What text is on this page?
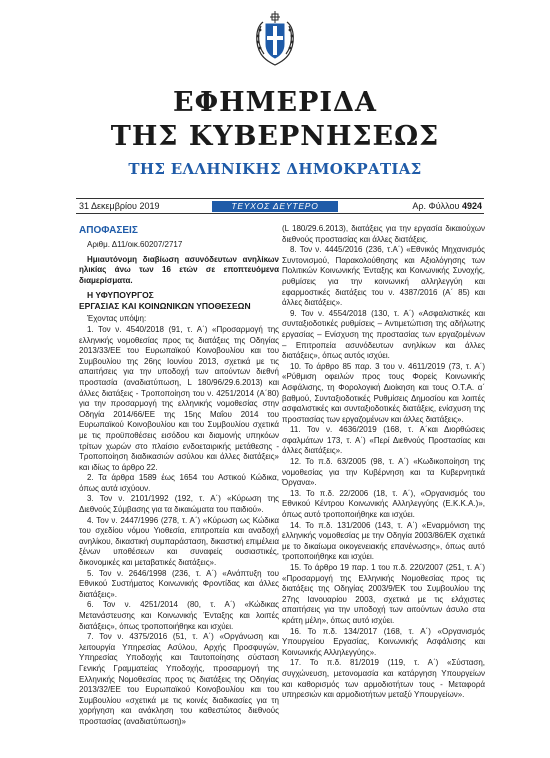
ΕΦΗΜΕΡΙΔΑ
ΤΗΣ ΚΥΒΕΡΝΗΣΕΩΣ
ΤΗΣ ΕΛΛΗΝΙΚΗΣ ΔΗΜΟΚΡΑΤΙΑΣ
31 Δεκεμβρίου 2019	ΤΕΥΧΟΣ ΔΕΥΤΕΡΟ	Αρ. Φύλλου 4924
ΑΠΟΦΑΣΕΙΣ

Αριθμ. Δ11/οικ.60207/2717

Ημιαυτόνομη διαβίωση ασυνόδευτων ανηλίκων ηλικίας άνω των 16 ετών σε εποπτευόμενα διαμερίσματα.

Η ΥΦΥΠΟΥΡΓΟΣ

ΕΡΓΑΣΙΑΣ ΚΑΙ ΚΟΙΝΩΝΙΚΩΝ ΥΠΟΘΕΣΕΩΝ

Έχοντας υπόψη:

1. Τον ν. 4540/2018 (91, τ. Α΄) «Προσαρμογή της ελληνικής νομοθεσίας προς τις διατάξεις της Οδηγίας 2013/33/ΕΕ του Ευρωπαϊκού Κοινοβουλίου και του Συμβουλίου της 26ης Ιουνίου 2013, σχετικά με τις απαιτήσεις για την υποδοχή των αιτούντων διεθνή προστασία (αναδιατύπωση, L 180/96/29.6.2013) και άλλες διατάξεις - Τροποποίηση του ν. 4251/2014 (Α΄80) για την προσαρμογή της ελληνικής νομοθεσίας στην Οδηγία 2014/66/ΕΕ της 15ης Μαΐου 2014 του Ευρωπαϊκού Κοινοβουλίου και του Συμβουλίου σχετικά με τις προϋποθέσεις εισόδου και διαμονής υπηκόων τρίτων χωρών στο πλαίσιο ενδοεταιρικής μετάθεσης - Τροποποίηση διαδικασιών ασύλου και άλλες διατάξεις» και ιδίως το άρθρο 22.

2. Τα άρθρα 1589 έως 1654 του Αστικού Κώδικα, όπως αυτά ισχύουν.

3. Τον ν. 2101/1992 (192, τ. Α΄) «Κύρωση της Διεθνούς Σύμβασης για τα δικαιώματα του παιδιού».

4. Τον ν. 2447/1996 (278, τ. Α΄) «Κύρωση ως Κώδικα του σχεδίου νόμου Υιοθεσία, επιτροπεία και αναδοχή ανηλίκου, δικαστική συμπαράσταση, δικαστική επιμέλεια ξένων υποθέσεων και συναφείς ουσιαστικές, δικονομικές και μεταβατικές διατάξεις».

5. Τον ν. 2646/1998 (236, τ. Α΄) «Ανάπτυξη του Εθνικού Συστήματος Κοινωνικής Φροντίδας και άλλες διατάξεις».

6. Τον ν. 4251/2014 (80, τ. Α΄) «Κώδικας Μετανάστευσης και Κοινωνικής Ένταξης και λοιπές διατάξεις», όπως τροποποιήθηκε και ισχύει.

7. Τον ν. 4375/2016 (51, τ. Α΄) «Οργάνωση και λειτουργία Υπηρεσίας Ασύλου, Αρχής Προσφυγών, Υπηρεσίας Υποδοχής και Ταυτοποίησης σύσταση Γενικής Γραμματείας Υποδοχής, προσαρμογή της Ελληνικής Νομοθεσίας προς τις διατάξεις της Οδηγίας 2013/32/ΕΕ του Ευρωπαϊκού Κοινοβουλίου και του Συμβουλίου «σχετικά με τις κοινές διαδικασίες για τη χορήγηση και ανάκληση του καθεστώτος διεθνούς προστασίας (αναδιατύπωση)»

(L 180/29.6.2013), διατάξεις για την εργασία δικαιούχων διεθνούς προστασίας και άλλες διατάξεις.

8. Τον ν. 4445/2016 (236, τ.Α΄) «Εθνικός Μηχανισμός Συντονισμού, Παρακολούθησης και Αξιολόγησης των Πολιτικών Κοινωνικής Ένταξης και Κοινωνικής Συνοχής, ρυθμίσεις για την κοινωνική αλληλεγγύη και εφαρμοστικές διατάξεις του ν. 4387/2016 (Α΄ 85) και άλλες διατάξεις».

9. Τον ν. 4554/2018 (130, τ. Α΄) «Ασφαλιστικές και συνταξιοδοτικές ρυθμίσεις – Αντιμετώπιση της αδήλωτης εργασίας – Ενίσχυση της προστασίας των εργαζομένων – Επιτροπεία ασυνόδευτων ανηλίκων και άλλες διατάξεις», όπως αυτός ισχύει.

10. Το άρθρο 85 παρ. 3 του ν. 4611/2019 (73, τ. Α΄) «Ρύθμιση οφειλών προς τους Φορείς Κοινωνικής Ασφάλισης, τη Φορολογική Διοίκηση και τους Ο.Τ.Α. α΄ βαθμού, Συνταξιοδοτικές Ρυθμίσεις Δημοσίου και λοιπές ασφαλιστικές και συνταξιοδοτικές διατάξεις, ενίσχυση της προστασίας των εργαζομένων και άλλες διατάξεις».

11. Τον ν. 4636/2019 (168, τ. Α΄και Διορθώσεις σφαλμάτων 173, τ. Α΄) «Περί Διεθνούς Προστασίας και άλλες διατάξεις».

12. Το π.δ. 63/2005 (98, τ. Α΄) «Κωδικοποίηση της νομοθεσίας για την Κυβέρνηση και τα Κυβερνητικά Όργανα».

13. Το π.δ. 22/2006 (18, τ. Α΄), «Οργανισμός του Εθνικού Κέντρου Κοινωνικής Αλληλεγγύης (Ε.Κ.Κ.Α.)», όπως αυτό τροποποιήθηκε και ισχύει.

14. Το π.δ. 131/2006 (143, τ. Α΄) «Εναρμόνιση της ελληνικής νομοθεσίας με την Οδηγία 2003/86/ΕΚ σχετικά με το δικαίωμα οικογενειακής επανένωσης», όπως αυτό τροποποιήθηκε και ισχύει.

15. Το άρθρο 19 παρ. 1 του π.δ. 220/2007 (251, τ. Α΄) «Προσαρμογή της Ελληνικής Νομοθεσίας προς τις διατάξεις της Οδηγίας 2003/9/ΕΚ του Συμβουλίου της 27ης Ιανουαρίου 2003, σχετικά με τις ελάχιστες απαιτήσεις για την υποδοχή των αιτούντων άσυλο στα κράτη μέλη», όπως αυτό ισχύει.

16. Το π.δ. 134/2017 (168, τ. Α΄) «Οργανισμός Υπουργείου Εργασίας, Κοινωνικής Ασφάλισης και Κοινωνικής Αλληλεγγύης».

17. Το π.δ. 81/2019 (119, τ. Α΄) «Σύσταση, συγχώνευση, μετονομασία και κατάργηση Υπουργείων και καθορισμός των αρμοδιοτήτων τους - Μεταφορά υπηρεσιών και αρμοδιοτήτων μεταξύ Υπουργείων».
